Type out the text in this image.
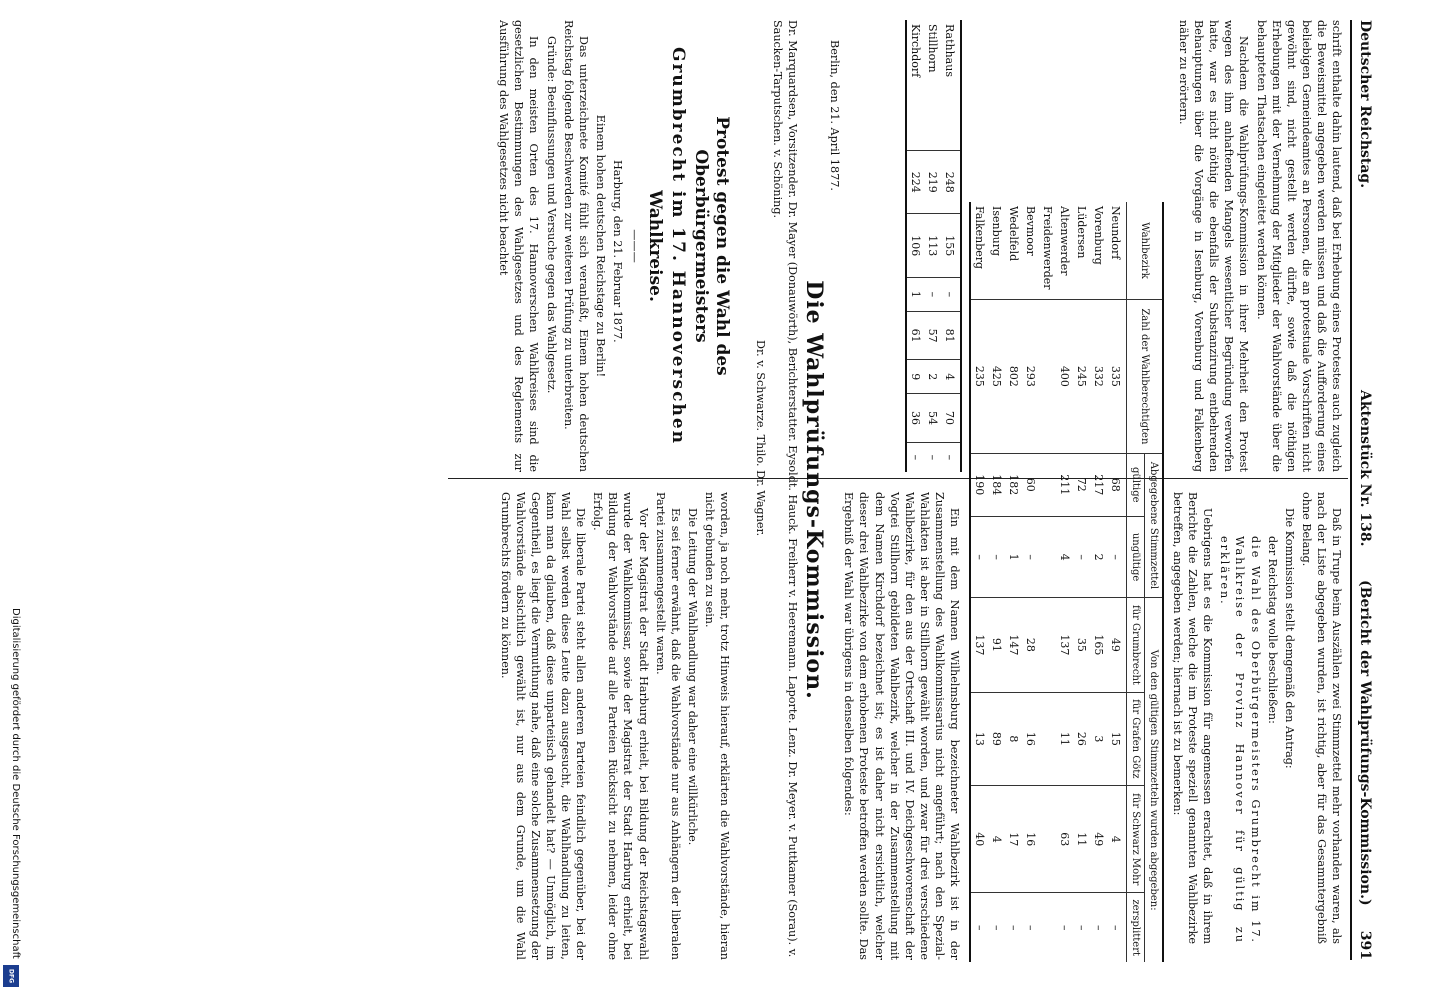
Deutscher Reichstag.
Aktenstück Nr. 138.
(Bericht der Wahlprüfungs-Kommission.)
391

schrift enthalte dahin lautend, daß bei Erhebung eines Protestes auch zugleich die Beweismittel angegeben werden müssen und daß die Aufforderung eines beliebigen Gemeindeamtes an Personen, die an protestuale Vorschriften nicht gewöhnt sind, nicht gestellt werden dürfte, sowie daß die nöthigen Erhebungen mit der Vernehmung der Mitglieder der Wahlvorstände über die behaupteten Thatsachen eingeleitet werden können.

Nachdem die Wahlprüfungs-Kommission in ihrer Mehrheit den Protest wegen des ihm anhaftenden Mangels wesentlicher Begründung verworfen hatte, war es nicht nöthig die ebenfalls der Substanzirung entbehrenden Behauptungen über die Vorgänge in Isenburg, Vorenburg und Falkenberg näher zu erörtern.

Daß in Trupe beim Auszählen zwei Stimmzettel mehr vorhanden waren, als nach der Liste abgegeben wurden, ist richtig, aber für das Gesammtergebniß ohne Belang.

Die Kommission stellt demgemäß den Antrag:

der Reichstag wolle beschließen:

die Wahl des Oberbürgermeisters Grumbrecht im 17. Wahlkreise der Provinz Hannover für gültig zu erklären.

Uebrigens hat es die Kommission für angemessen erachtet, daß in ihrem Berichte die Zahlen, welche die im Proteste speziell genannten Wahlbezirke betreffen, angegeben werden; hiernach ist zu bemerken:

Wahlbezirk	Zahl der Wahlberechtigten	Abgegebene Stimmzettel		Von den gültigen Stimmzetteln wurden abgegeben:			
		gültige	ungültige	für Grumbrecht	für Grafen Götz	für Schwarz Mohr	zersplittert
Neundorf	335	68	–	49	15	4	–
Vorenburg	332	217	2	165	3	49	–
Lüdersen	245	72	–	35	26	11	–
Altenwerder	400	211	4	137	11	63	–
Freidenwerder							
Bevmoor	293	60	–	28	16	16	–
Wedelfeld	802	182	1	147	8	17	–
Isenburg	425	184	–	91	89	4	–
Falkenberg	235	190	–	137	13	40	–

Ein mit dem Namen Wilhelmsburg bezeichneter Wahlbezirk ist in der Zusammenstellung des Wahlkommissarius nicht angeführt; nach den Spezial-Wahlakten ist aber in Stillhorn gewählt worden, und zwar für drei verschiedene Wahlbezirke, für den aus der Ortschaft III. und IV. Deichgeschworenschaft der Vogtei Stillhorn gebildeten Wahlbezirk, welcher in der Zusammenstellung mit dem Namen Kirchdorf bezeichnet ist; es ist daher nicht ersichtlich, welcher dieser drei Wahlbezirke von dem erhobenen Proteste betroffen werden sollte. Das Ergebniß der Wahl war übrigens in denselben folgendes:

Rathhaus	248	155	–	81	4	70	–
Stillhorn	219	113	–	57	2	54	–
Kirchdorf	224	106	1	61	9	36	–

Berlin, den 21. April 1877.

Die Wahlprüfungs-Kommission.

Dr. Marquardsen, Vorsitzender. Dr. Mayer (Donauwörth), Berichterstatter. Eysoldt. Hauck. Freiherr v. Heeremann. Laporte. Lenz. Dr. Meyer. v. Puttkamer (Sorau). v. Saucken-Tarputschen. v. Schöning.

Dr. v. Schwarze. Thilo. Dr. Wagner.

Protest gegen die Wahl des Oberbürgermeisters

Grumbrecht im 17. Hannoverschen

Wahlkreise.

———

Harburg, den 21. Februar 1877.

Einem hohen deutschen Reichstage zu Berlin!

Das unterzeichnete Komité fühlt sich veranlaßt, Einem hohen deutschen Reichstag folgende Beschwerden zur weiteren Prüfung zu unterbreiten.

Gründe: Beeinflussungen und Versuche gegen das Wahlgesetz.

In den meisten Orten des 17. Hannoverschen Wahlkreises sind die gesetzlichen Bestimmungen des Wahlgesetzes und des Reglements zur Ausführung des Wahlgesetzes nicht beachtet

worden, ja noch mehr, trotz Hinweis hierauf, erklärten die Wahlvorstände, hieran nicht gebunden zu sein.

Die Leitung der Wahlhandlung war daher eine willkürliche.

Es sei ferner erwähnt, daß die Wahlvorstände nur aus Anhängern der liberalen Partei zusammengestellt waren.

Vor der Magistrat der Stadt Harburg erhielt, bei Bildung der Reichstagswahl wurde der Wahlkommissar, sowie der Magistrat der Stadt Harburg erhielt, bei Bildung der Wahlvorstände auf alle Parteien Rücksicht zu nehmen, leider ohne Erfolg.

Die liberale Partei steht allen anderen Parteien feindlich gegenüber, bei der Wahl selbst werden diese Leute dazu ausgesucht, die Wahlhandlung zu leiten, kann man da glauben, daß diese unparteiisch gehandelt hat? — Unmöglich, im Gegentheil, es liegt die Vermuthung nahe, daß eine solche Zusammensetzung der Wahlvorstände absichtlich gewählt ist, nur aus dem Grunde, um die Wahl Grumbrechts fördern zu können.

Digitalisierung gefördert durch die Deutsche Forschungsgemeinschaft
DFG
